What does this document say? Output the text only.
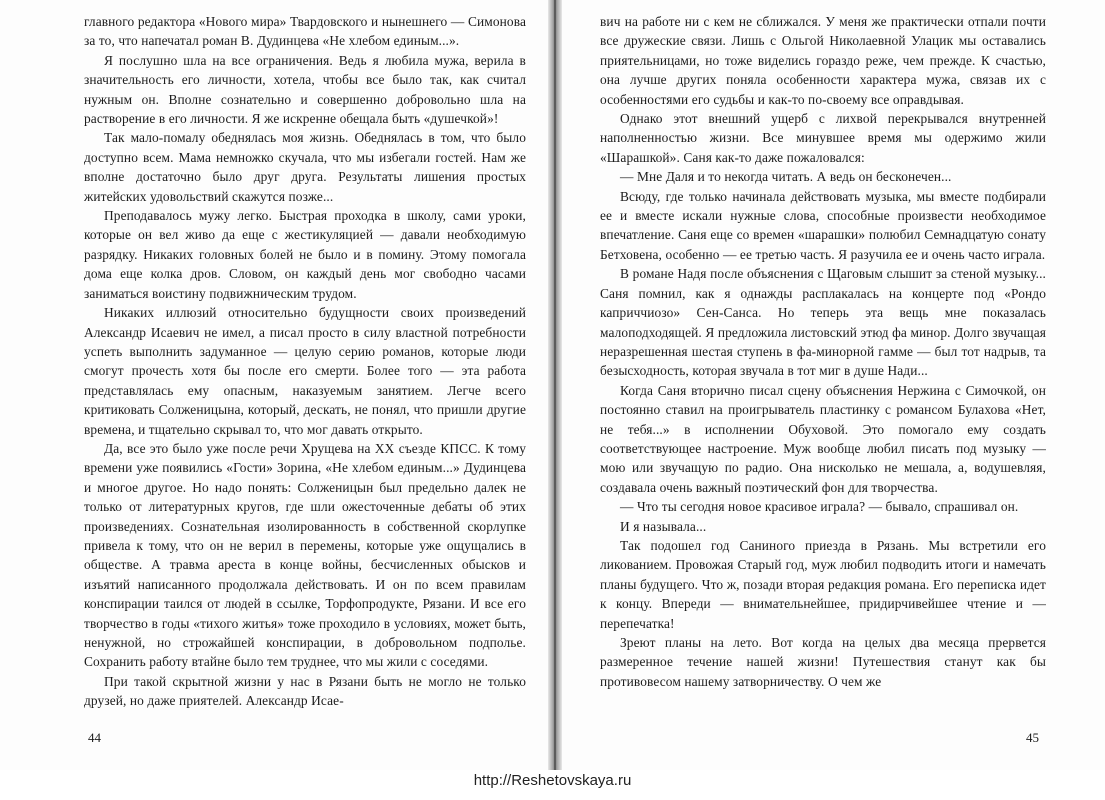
главного редактора «Нового мира» Твардовского и нынешнего — Симонова за то, что напечатал роман В. Дудинцева «Не хлебом единым...».

Я послушно шла на все ограничения. Ведь я любила мужа, верила в значительность его личности, хотела, чтобы все было так, как считал нужным он. Вполне сознательно и совершенно добровольно шла на растворение в его личности. Я же искренне обещала быть «душечкой»!

Так мало-помалу обеднялась моя жизнь. Обеднялась в том, что было доступно всем. Мама немножко скучала, что мы избегали гостей. Нам же вполне достаточно было друг друга. Результаты лишения простых житейских удовольствий скажутся позже...

Преподавалось мужу легко. Быстрая проходка в школу, сами уроки, которые он вел живо да еще с жестикуляцией — давали необходимую разрядку. Никаких головных болей не было и в помину. Этому помогала дома еще колка дров. Словом, он каждый день мог свободно часами заниматься воистину подвижническим трудом.

Никаких иллюзий относительно будущности своих произведений Александр Исаевич не имел, а писал просто в силу властной потребности успеть выполнить задуманное — целую серию романов, которые люди смогут прочесть хотя бы после его смерти. Более того — эта работа представлялась ему опасным, наказуемым занятием. Легче всего критиковать Солженицына, который, дескать, не понял, что пришли другие времена, и тщательно скрывал то, что мог давать открыто.

Да, все это было уже после речи Хрущева на XX съезде КПСС. К тому времени уже появились «Гости» Зорина, «Не хлебом единым...» Дудинцева и многое другое. Но надо понять: Солженицын был предельно далек не только от литературных кругов, где шли ожесточенные дебаты об этих произведениях. Сознательная изолированность в собственной скорлупке привела к тому, что он не верил в перемены, которые уже ощущались в обществе. А травма ареста в конце войны, бесчисленных обысков и изъятий написанного продолжала действовать. И он по всем правилам конспирации таился от людей в ссылке, Торфопродукте, Рязани. И все его творчество в годы «тихого житья» тоже проходило в условиях, может быть, ненужной, но строжайшей конспирации, в добровольном подполье. Сохранить работу втайне было тем труднее, что мы жили с соседями.

При такой скрытной жизни у нас в Рязани быть не могло не только друзей, но даже приятелей. Александр Исае-

44

вич на работе ни с кем не сближался. У меня же практически отпали почти все дружеские связи. Лишь с Ольгой Николаевной Улацик мы оставались приятельницами, но тоже виделись гораздо реже, чем прежде. К счастью, она лучше других поняла особенности характера мужа, связав их с особенностями его судьбы и как-то по-своему все оправдывая.

Однако этот внешний ущерб с лихвой перекрывался внутренней наполненностью жизни. Все минувшее время мы одержимо жили «Шарашкой». Саня как-то даже пожаловался:

— Мне Даля и то некогда читать. А ведь он бесконечен...

Всюду, где только начинала действовать музыка, мы вместе подбирали ее и вместе искали нужные слова, способные произвести необходимое впечатление. Саня еще со времен «шарашки» полюбил Семнадцатую сонату Бетховена, особенно — ее третью часть. Я разучила ее и очень часто играла.

В романе Надя после объяснения с Щаговым слышит за стеной музыку... Саня помнил, как я однажды расплакалась на концерте под «Рондо каприччиозо» Сен-Санса. Но теперь эта вещь мне показалась малоподходящей. Я предложила листовский этюд фа минор. Долго звучащая неразрешенная шестая ступень в фа-минорной гамме — был тот надрыв, та безысходность, которая звучала в тот миг в душе Нади...

Когда Саня вторично писал сцену объяснения Нержина с Симочкой, он постоянно ставил на проигрыватель пластинку с романсом Булахова «Нет, не тебя...» в исполнении Обуховой. Это помогало ему создать соответствующее настроение. Муж вообще любил писать под музыку — мою или звучащую по радио. Она нисколько не мешала, а, водушевляя, создавала очень важный поэтический фон для творчества.

— Что ты сегодня новое красивое играла? — бывало, спрашивал он.

И я называла...

Так подошел год Саниного приезда в Рязань. Мы встретили его ликованием. Провожая Старый год, муж любил подводить итоги и намечать планы будущего. Что ж, позади вторая редакция романа. Его переписка идет к концу. Впереди — внимательнейшее, придирчивейшее чтение и — перепечатка!

Зреют планы на лето. Вот когда на целых два месяца прервется размеренное течение нашей жизни! Путешествия станут как бы противовесом нашему затворничеству. О чем же

45
http://Reshetovskaya.ru
